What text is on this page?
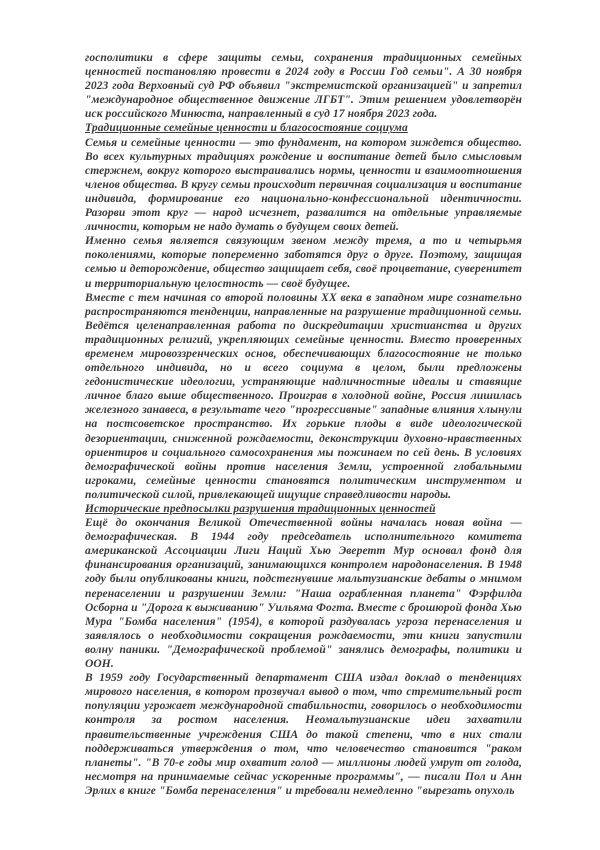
госполитики в сфере защиты семьи, сохранения традиционных семейных ценностей постановляю провести в 2024 году в России Год семьи". А 30 ноября 2023 года Верховный суд РФ объявил "экстремистской организацией" и запретил "международное общественное движение ЛГБТ". Этим решением удовлетворён иск российского Минюста, направленный в суд 17 ноября 2023 года.

Традиционные семейные ценности и благосостояние социума

Семья и семейные ценности — это фундамент, на котором зиждется общество. Во всех культурных традициях рождение и воспитание детей было смысловым стержнем, вокруг которого выстраивались нормы, ценности и взаимоотношения членов общества. В кругу семьи происходит первичная социализация и воспитание индивида, формирование его национально-конфессиональной идентичности. Разорви этот круг — народ исчезнет, развалится на отдельные управляемые личности, которым не надо думать о будущем своих детей.

Именно семья является связующим звеном между тремя, а то и четырьмя поколениями, которые попеременно заботятся друг о друге. Поэтому, защищая семью и деторождение, общество защищает себя, своё процветание, суверенитет и территориальную целостность — своё будущее.

Вместе с тем начиная со второй половины XX века в западном мире сознательно распространяются тенденции, направленные на разрушение традиционной семьи. Ведётся целенаправленная работа по дискредитации христианства и других традиционных религий, укрепляющих семейные ценности. Вместо проверенных временем мировоззренческих основ, обеспечивающих благосостояние не только отдельного индивида, но и всего социума в целом, были предложены гедонистические идеологии, устраняющие надличностные идеалы и ставящие личное благо выше общественного. Проиграв в холодной войне, Россия лишилась железного занавеса, в результате чего "прогрессивные" западные влияния хлынули на постсоветское пространство. Их горькие плоды в виде идеологической дезориентации, сниженной рождаемости, деконструкции духовно-нравственных ориентиров и социального самосохранения мы пожинаем по сей день. В условиях демографической войны против населения Земли, устроенной глобальными игроками, семейные ценности становятся политическим инструментом и политической силой, привлекающей ищущие справедливости народы.

Исторические предпосылки разрушения традиционных ценностей

Ещё до окончания Великой Отечественной войны началась новая война — демографическая. В 1944 году председатель исполнительного комитета американской Ассоциации Лиги Наций Хью Эверетт Мур основал фонд для финансирования организаций, занимающихся контролем народонаселения. В 1948 году были опубликованы книги, подстегнувшие мальтузианские дебаты о мнимом перенаселении и разрушении Земли: "Наша ограбленная планета" Фэрфилда Осборна и "Дорога к выживанию" Уильяма Фогта. Вместе с брошюрой фонда Хью Мура "Бомба населения" (1954), в которой раздувалась угроза перенаселения и заявлялось о необходимости сокращения рождаемости, эти книги запустили волну паники. "Демографической проблемой" занялись демографы, политики и ООН.

В 1959 году Государственный департамент США издал доклад о тенденциях мирового населения, в котором прозвучал вывод о том, что стремительный рост популяции угрожает международной стабильности, говорилось о необходимости контроля за ростом населения. Неомальтузианские идеи захватили правительственные учреждения США до такой степени, что в них стали поддерживаться утверждения о том, что человечество становится "раком планеты". "В 70-е годы мир охватит голод — миллионы людей умрут от голода, несмотря на принимаемые сейчас ускоренные программы", — писали Пол и Анн Эрлих в книге "Бомба перенаселения" и требовали немедленно "вырезать опухоль
